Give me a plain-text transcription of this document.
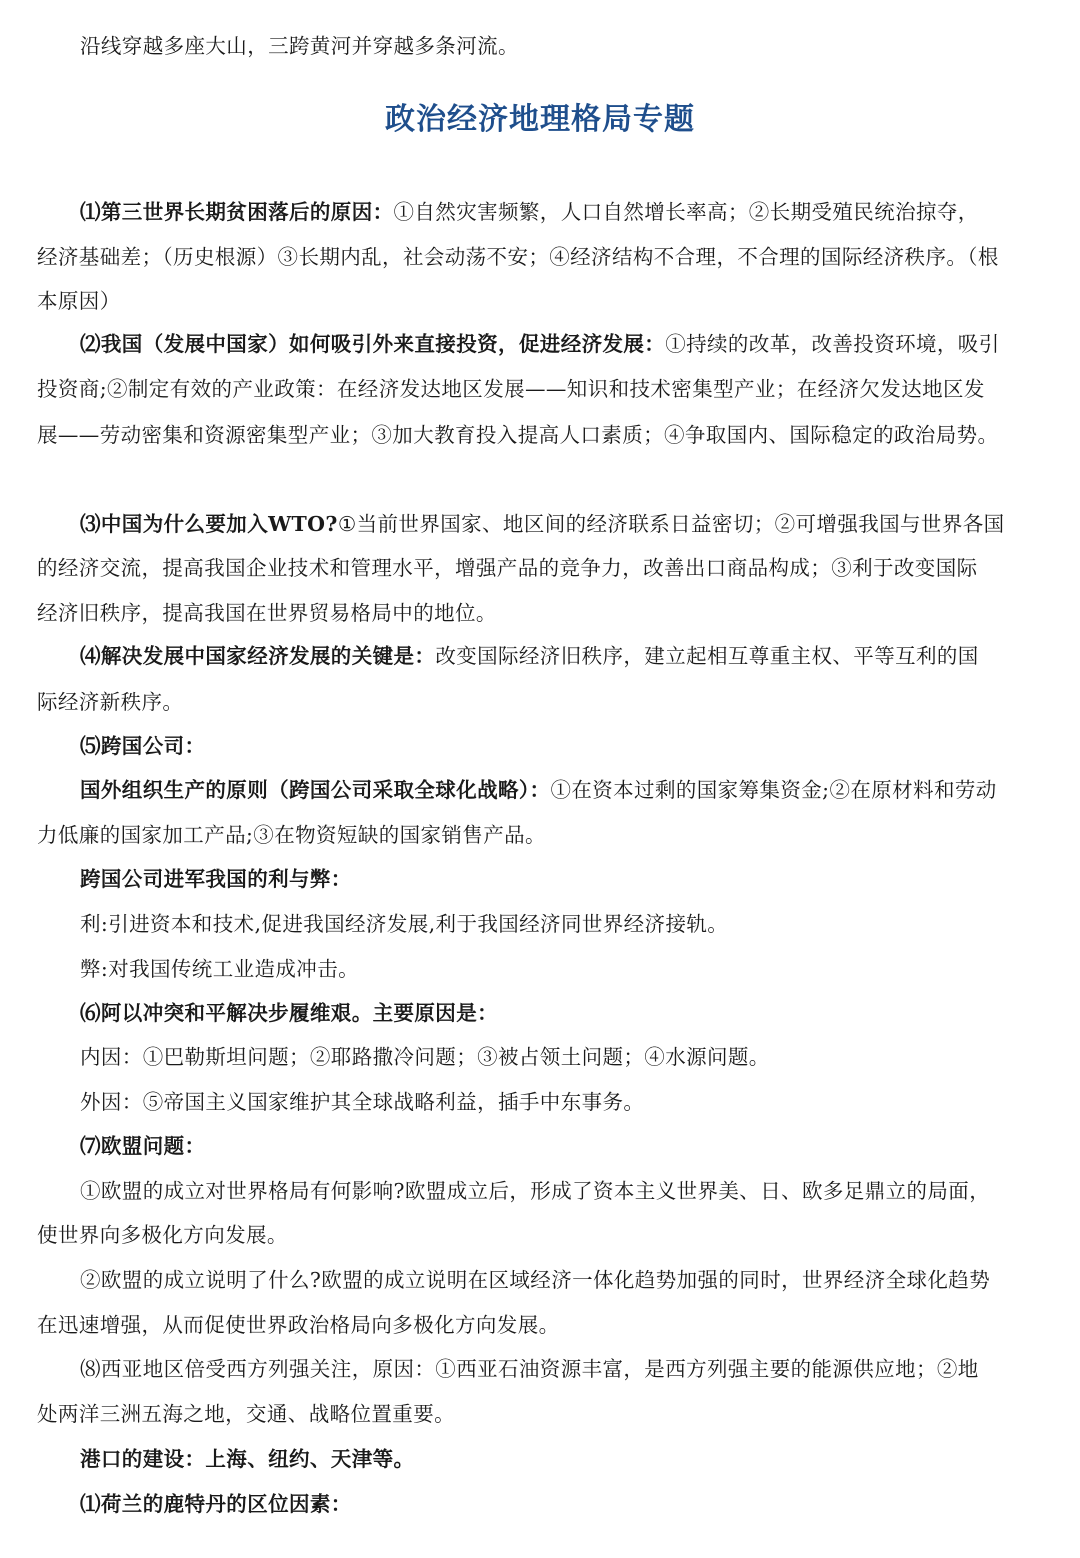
沿线穿越多座大山，三跨黄河并穿越多条河流。
政治经济地理格局专题
⑴第三世界长期贫困落后的原因：①自然灾害频繁，人口自然增长率高；②长期受殖民统治掠夺，
经济基础差；（历史根源）③长期内乱，社会动荡不安；④经济结构不合理，不合理的国际经济秩序。（根
本原因）
⑵我国（发展中国家）如何吸引外来直接投资，促进经济发展：①持续的改革，改善投资环境，吸引
投资商;②制定有效的产业政策：在经济发达地区发展——知识和技术密集型产业；在经济欠发达地区发
展——劳动密集和资源密集型产业；③加大教育投入提高人口素质；④争取国内、国际稳定的政治局势。
⑶中国为什么要加入WTO?①当前世界国家、地区间的经济联系日益密切；②可增强我国与世界各国
的经济交流，提高我国企业技术和管理水平，增强产品的竞争力，改善出口商品构成；③利于改变国际
经济旧秩序，提高我国在世界贸易格局中的地位。
⑷解决发展中国家经济发展的关键是：改变国际经济旧秩序，建立起相互尊重主权、平等互利的国
际经济新秩序。
⑸跨国公司：
国外组织生产的原则（跨国公司采取全球化战略）：①在资本过剩的国家筹集资金;②在原材料和劳动
力低廉的国家加工产品;③在物资短缺的国家销售产品。
跨国公司进军我国的利与弊：
利:引进资本和技术,促进我国经济发展,利于我国经济同世界经济接轨。
弊:对我国传统工业造成冲击。
⑹阿以冲突和平解决步履维艰。主要原因是：
内因：①巴勒斯坦问题；②耶路撒冷问题；③被占领土问题；④水源问题。
外因：⑤帝国主义国家维护其全球战略利益，插手中东事务。
⑺欧盟问题：
①欧盟的成立对世界格局有何影响?欧盟成立后，形成了资本主义世界美、日、欧多足鼎立的局面，
使世界向多极化方向发展。
②欧盟的成立说明了什么?欧盟的成立说明在区域经济一体化趋势加强的同时，世界经济全球化趋势
在迅速增强，从而促使世界政治格局向多极化方向发展。
⑻西亚地区倍受西方列强关注，原因：①西亚石油资源丰富，是西方列强主要的能源供应地；②地
处两洋三洲五海之地，交通、战略位置重要。
港口的建设：上海、纽约、天津等。
⑴荷兰的鹿特丹的区位因素：
